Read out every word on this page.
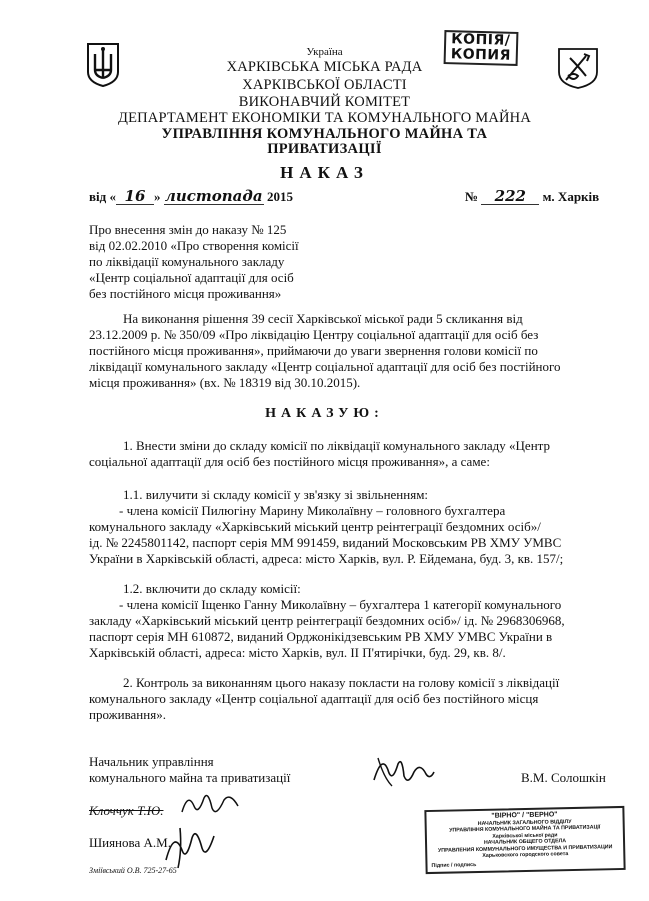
КОПІЯ/
КОПИЯ
Україна
ХАРКІВСЬКА МІСЬКА РАДА
ХАРКІВСЬКОЇ ОБЛАСТІ
ВИКОНАВЧИЙ КОМІТЕТ
ДЕПАРТАМЕНТ ЕКОНОМІКИ ТА КОМУНАЛЬНОГО МАЙНА
УПРАВЛІННЯ КОМУНАЛЬНОГО МАЙНА ТА
ПРИВАТИЗАЦІЇ
НАКАЗ
від « 16 » листопада 2015	№ 222 м. Харків
Про внесення змін до наказу № 125
від 02.02.2010 «Про створення комісії
по ліквідації комунального закладу
«Центр соціальної адаптації для осіб
без постійного місця проживання»
На виконання рішення 39 сесії Харківської міської ради 5 скликання від
23.12.2009 р. № 350/09 «Про ліквідацію Центру соціальної адаптації для осіб без
постійного місця проживання», приймаючи до уваги звернення голови комісії по
ліквідації комунального закладу «Центр соціальної адаптації для осіб без постійного
місця проживання» (вх. № 18319 від 30.10.2015).
НАКАЗУЮ:
1. Внести зміни до складу комісії по ліквідації комунального закладу «Центр
соціальної адаптації для осіб без постійного місця проживання», а саме:
1.1. вилучити зі складу комісії у зв'язку зі звільненням:
- члена комісії Пилюгіну Марину Миколаївну – головного бухгалтера
комунального закладу «Харківський міський центр реінтеграції бездомних осіб»/
ід. № 2245801142, паспорт серія ММ 991459, виданий Московським РВ ХМУ УМВС
України в Харківській області, адреса: місто Харків, вул. Р. Ейдемана, буд. 3, кв. 157/;
1.2. включити до складу комісії:
- члена комісії Іщенко Ганну Миколаївну – бухгалтера 1 категорії комунального
закладу «Харківський міський центр реінтеграції бездомних осіб»/ ід. № 2968306968,
паспорт серія МН 610872, виданий Орджонікідзевським РВ ХМУ УМВС України в
Харківській області, адреса: місто Харків, вул. ІІ П'ятирічки, буд. 29, кв. 8/.
2. Контроль за виконанням цього наказу покласти на голову комісії з ліквідації
комунального закладу «Центр соціальної адаптації для осіб без постійного місця
проживання».
Начальник управління
комунального майна та приватизації	В.М. Солошкін
Клоччук Т.Ю.
Шиянова А.М.
Зміївський О.В. 725-27-65
"ВІРНО" / "ВЕРНО"
НАЧАЛЬНИК ЗАГАЛЬНОГО ВІДДІЛУ
УПРАВЛІННЯ КОМУНАЛЬНОГО МАЙНА ТА ПРИВАТИЗАЦІЇ
Харківської міської ради
НАЧАЛЬНИК ОБЩЕГО ОТДЕЛА
УПРАВЛЕНИЯ КОММУНАЛЬНОГО ИМУЩЕСТВА И ПРИВАТИЗАЦИИ
Харьковского городского совета
Підпис / подпись
